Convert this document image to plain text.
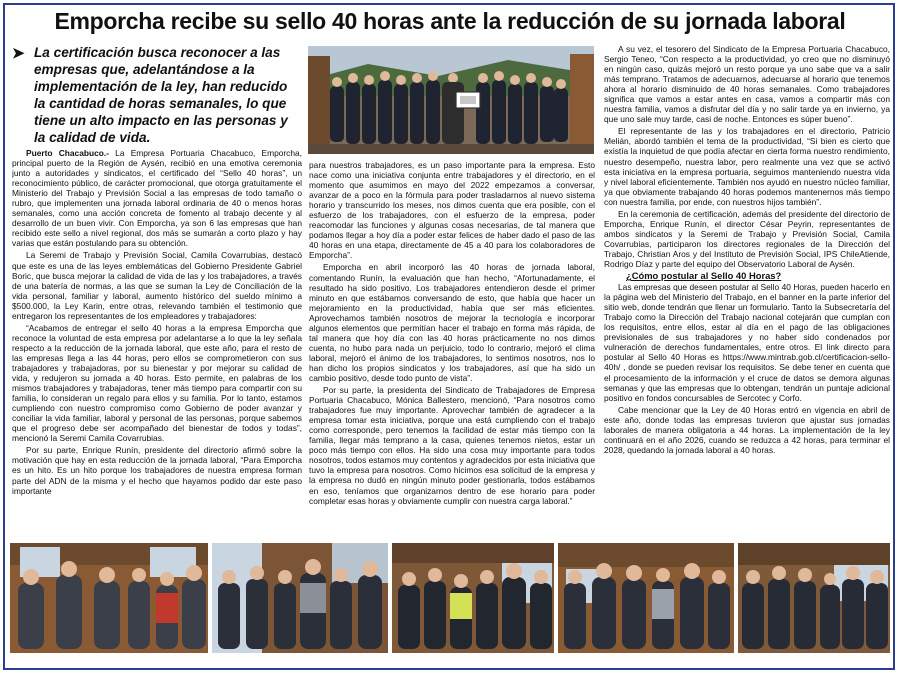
Emporcha recibe su sello 40 horas ante la reducción de su jornada laboral
➤ La certificación busca reconocer a las empresas que, adelantándose a la implementación de la ley, han reducido la cantidad de horas semanales, lo que tiene un alto impacto en las personas y la calidad de vida.

Puerto Chacabuco.- La Empresa Portuaria Chacabuco, Emporcha, principal puerto de la Región de Aysén, recibió en una emotiva ceremonia junto a autoridades y sindicatos, el certificado del “Sello 40 horas”, un reconocimiento público, de carácter promocional, que otorga gratuitamente el Ministerio del Trabajo y Previsión Social a las empresas de todo tamaño o rubro, que implementen una jornada laboral ordinaria de 40 o menos horas semanales, como una acción concreta de fomento al trabajo decente y al desarrollo de un buen vivir. Con Emporcha, ya son 6 las empresas que han recibido este sello a nivel regional, dos más se sumarán a corto plazo y hay varias que están postulando para su obtención.

La Seremi de Trabajo y Previsión Social, Camila Covarrubias, destacó que este es una de las leyes emblemáticas del Gobierno Presidente Gabriel Boric, que busca mejorar la calidad de vida de las y los trabajadores, a través de una batería de normas, a las que se suman la Ley de Conciliación de la vida personal, familiar y laboral, aumento histórico del sueldo mínimo a $500.000, la Ley Karin, entre otras, relevando también el testimonio que entregaron los representantes de los empleadores y trabajadores:

“Acabamos de entregar el sello 40 horas a la empresa Emporcha que reconoce la voluntad de esta empresa por adelantarse a lo que la ley señala respecto a la reducción de la jornada laboral, que este año, para el resto de las empresas llega a las 44 horas, pero ellos se comprometieron con sus trabajadores y trabajadoras, por su bienestar y por mejorar su calidad de vida, y redujeron su jornada a 40 horas. Esto permite, en palabras de los mismos trabajadores y trabajadoras, tener más tiempo para compartir con su familia, lo consideran un regalo para ellos y su familia. Por lo tanto, estamos cumpliendo con nuestro compromiso como Gobierno de poder avanzar y conciliar la vida familiar, laboral y personal de las personas, porque sabemos que el progreso debe ser acompañado del bienestar de todos y todas”, mencionó la Seremi Camila Covarrubias.

Por su parte, Enrique Runín, presidente del directorio afirmó sobre la motivación que hay en esta reducción de la jornada laboral, “Para Emporcha es un hito. Es un hito porque los trabajadores de nuestra empresa forman parte del ADN de la misma y el hecho que hayamos podido dar este paso importante

para nuestros trabajadores, es un paso importante para la empresa. Esto nace como una iniciativa conjunta entre trabajadores y el directorio, en el momento que asumimos en mayo del 2022 empezamos a conversar, avanzar de a poco en la fórmula para poder trasladarnos al nuevo sistema horario y transcurrido los meses, nos dimos cuenta que era posible, con el esfuerzo de los trabajadores, con el esfuerzo de la empresa, poder reacomodar las funciones y algunas cosas necesarias, de tal manera que podamos llegar a hoy día a poder estar felices de haber dado el paso de las 40 horas en una etapa, directamente de 45 a 40 para los colaboradores de Emporcha”.

Emporcha en abril incorporó las 40 horas de jornada laboral, comentando Runín, la evaluación que han hecho, “Afortunadamente, el resultado ha sido positivo. Los trabajadores entendieron desde el primer minuto en que estábamos conversando de esto, que había que hacer un mejoramiento en la productividad, había que ser más eficientes. Aprovechamos también nosotros de mejorar la tecnología e incorporar algunos elementos que permitían hacer el trabajo en forma más rápida, de tal manera que hoy día con las 40 horas prácticamente no nos dimos cuenta, no hubo para nada un perjuicio, todo lo contrario, mejoró el clima laboral, mejoró el ánimo de los trabajadores, lo sentimos nosotros, nos lo han dicho los propios sindicatos y los trabajadores, así que ha sido un cambio positivo, desde todo punto de vista”.

Por su parte, la presidenta del Sindicato de Trabajadores de Empresa Portuaria Chacabuco, Mónica Ballestero, mencionó, “Para nosotros como trabajadores fue muy importante. Aprovechar también de agradecer a la empresa tomar esta iniciativa, porque una está cumpliendo con el trabajo como corresponde, pero tenemos la facilidad de estar más tiempo con la familia, llegar más temprano a la casa, quienes tenemos nietos, estar un poco más tiempo con ellos. Ha sido una cosa muy importante para todos nosotros, todos estamos muy contentos y agradecidos por esta iniciativa que tuvo la empresa para nosotros. Como hicimos esa solicitud de la empresa y la empresa no dudó en ningún minuto poder gestionarla, todos estábamos en eso, teníamos que organizarnos dentro de ese horario para poder completar esas horas y obviamente cumplir con nuestra carga laboral.”

A su vez, el tesorero del Sindicato de la Empresa Portuaria Chacabuco, Sergio Teneo, “Con respecto a la productividad, yo creo que no disminuyó en ningún caso, quizás mejoró un resto porque ya uno sabe que va a salir más temprano. Tratamos de adecuarnos, adecuarse al horario que tenemos ahora al horario disminuido de 40 horas semanales. Como trabajadores significa que vamos a estar antes en casa, vamos a compartir más con nuestra familia, vamos a disfrutar del día y no salir tarde ya en invierno, ya que uno sale muy tarde, casi de noche. Entonces es súper bueno”.

El representante de las y los trabajadores en el directorio, Patricio Melián, abordó también el tema de la productividad, “Si bien es cierto que existía la inquietud de que podía afectar en cierta forma nuestro rendimiento, nuestro desempeño, nuestra labor, pero realmente una vez que se activó esta iniciativa en la empresa portuaria, seguimos manteniendo nuestra vida y nivel laboral eficientemente. También nos ayudó en nuestro núcleo familiar, ya que obviamente trabajando 40 horas podemos mantenernos más tiempo con nuestra familia, por ende, con nuestros hijos también”.

En la ceremonia de certificación, además del presidente del directorio de Emporcha, Enrique Runín, el director César Peyrin, representantes de ambos sindicatos y la Seremi de Trabajo y Previsión Social, Camila Covarrubias, participaron los directores regionales de la Dirección del Trabajo, Christian Aros y del Instituto de Previsión Social, IPS ChileAtiende, Rodrigo Díaz y parte del equipo del Observatorio Laboral de Aysén.

¿Cómo postular al Sello 40 Horas?

Las empresas que deseen postular al Sello 40 Horas, pueden hacerlo en la página web del Ministerio del Trabajo, en el banner en la parte inferior del sitio web, donde tendrán que llenar un formulario. Tanto la Subsecretaría del Trabajo como la Dirección del Trabajo nacional cotejarán que cumplan con los requisitos, entre ellos, estar al día en el pago de las obligaciones previsionales de sus trabajadores y no haber sido condenados por vulneración de derechos fundamentales, entre otros. El link directo para postular al Sello 40 Horas es https://www.mintrab.gob.cl/certificacion-sello-40h/ , donde se pueden revisar los requisitos. Se debe tener en cuenta que el procesamiento de la información y el cruce de datos se demora algunas semanas y que las empresas que lo obtengan, tendrán un puntaje adicional positivo en fondos concursables de Sercotec y Corfo.

Cabe mencionar que la Ley de 40 Horas entró en vigencia en abril de este año, donde todas las empresas tuvieron que ajustar sus jornadas laborales de manera obligatoria a 44 horas. La implementación de la ley continuará en el año 2026, cuando se reduzca a 42 horas, para terminar el 2028, quedando la jornada laboral a 40 horas.
